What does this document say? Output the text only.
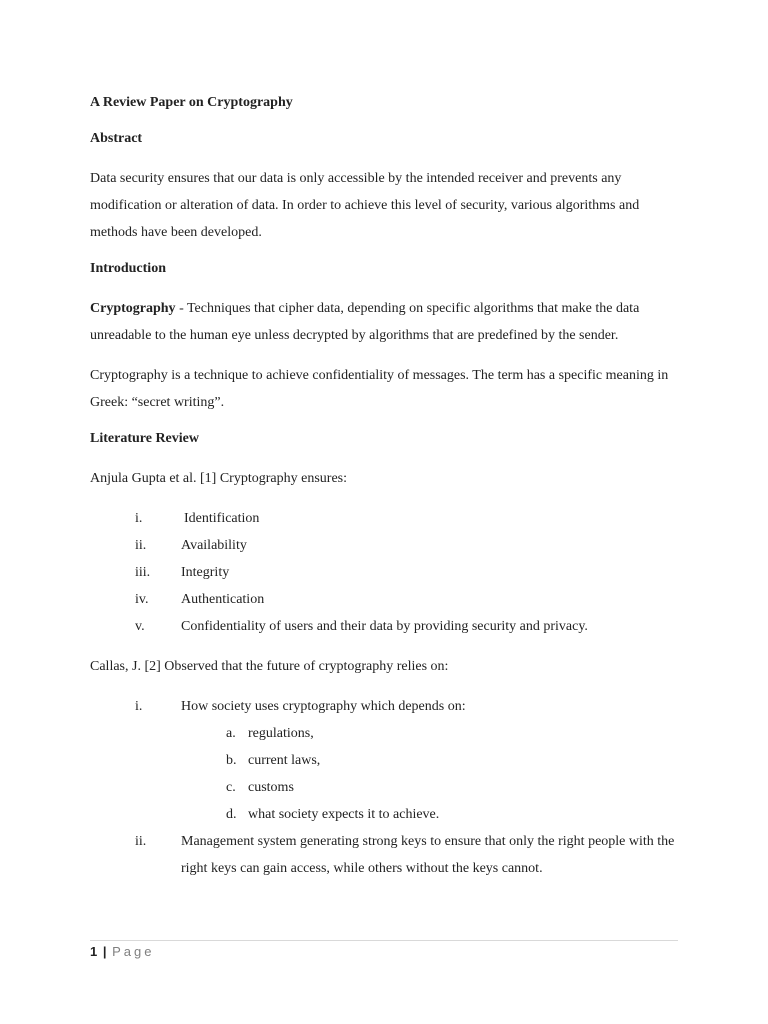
A Review Paper on Cryptography

Abstract

Data security ensures that our data is only accessible by the intended receiver and prevents any modification or alteration of data. In order to achieve this level of security, various algorithms and methods have been developed.

Introduction

Cryptography - Techniques that cipher data, depending on specific algorithms that make the data unreadable to the human eye unless decrypted by algorithms that are predefined by the sender.

Cryptography is a technique to achieve confidentiality of messages. The term has a specific meaning in Greek: “secret writing”.

Literature Review

Anjula Gupta et al. [1] Cryptography ensures:

i.	Identification
ii. Availability
iii. Integrity
iv. Authentication
v.	Confidentiality of users and their data by providing security and privacy.

Callas, J. [2] Observed that the future of cryptography relies on:

i.	How society uses cryptography which depends on:
a. regulations,
b. current laws,
c. customs
d. what society expects it to achieve.
ii. Management system generating strong keys to ensure that only the right people with the right keys can gain access, while others without the keys cannot.
1 | Page
